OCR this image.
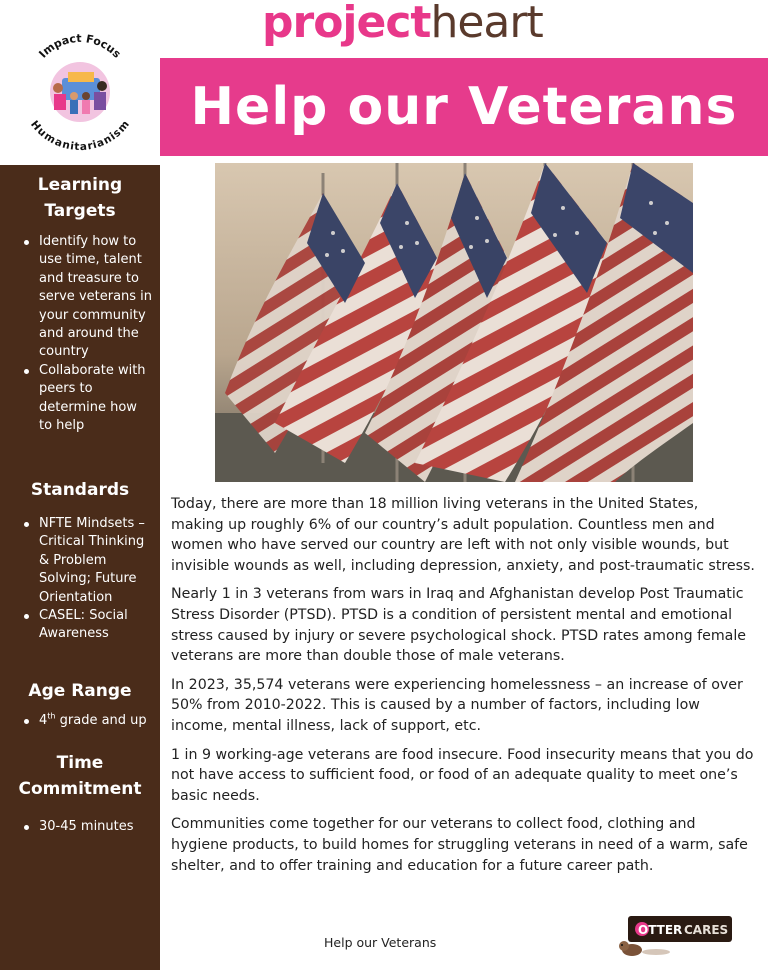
projectheart
Help our Veterans
Impact Focus
Humanitarianism
Learning
Targets
Identify how to use time, talent and treasure to serve veterans in your community and around the country
Collaborate with peers to determine how to help
Standards
NFTE Mindsets – Critical Thinking & Problem Solving; Future Orientation
CASEL: Social Awareness
Age Range
4th grade and up
Time
Commitment
30-45 minutes

Today, there are more than 18 million living veterans in the United States, making up roughly 6% of our country’s adult population. Countless men and women who have served our country are left with not only visible wounds, but invisible wounds as well, including depression, anxiety, and post-traumatic stress.

Nearly 1 in 3 veterans from wars in Iraq and Afghanistan develop Post Traumatic Stress Disorder (PTSD). PTSD is a condition of persistent mental and emotional stress caused by injury or severe psychological shock. PTSD rates among female veterans are more than double those of male veterans.

In 2023, 35,574 veterans were experiencing homelessness – an increase of over 50% from 2010-2022. This is caused by a number of factors, including low income, mental illness, lack of support, etc.

1 in 9 working-age veterans are food insecure. Food insecurity means that you do not have access to sufficient food, or food of an adequate quality to meet one’s basic needs.

Communities come together for our veterans to collect food, clothing and hygiene products, to build homes for struggling veterans in need of a warm, safe shelter, and to offer training and education for a future career path.

Help our Veterans
OTTER CARES
